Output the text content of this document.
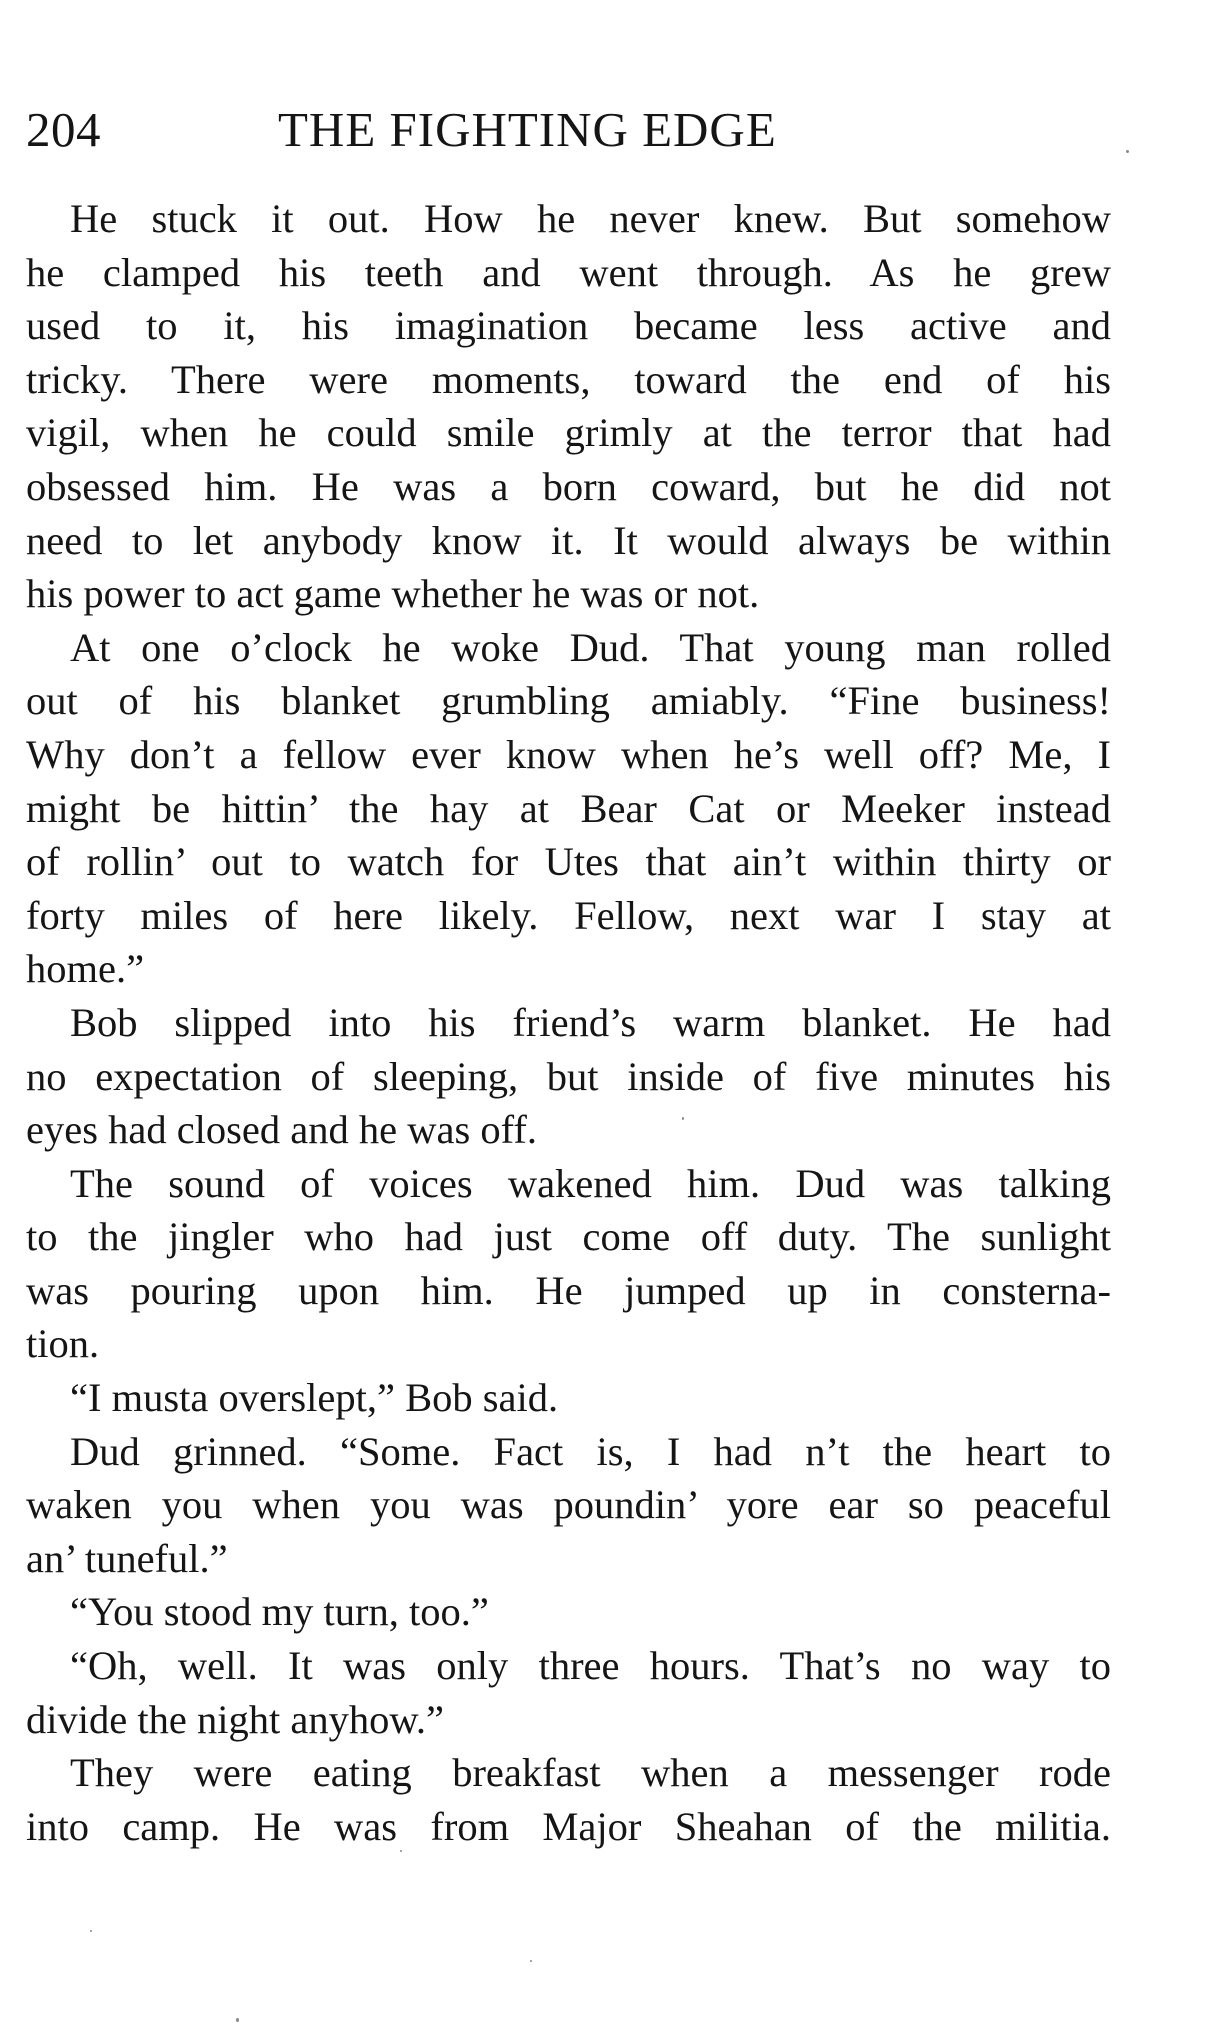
204	THE FIGHTING EDGE

He stuck it out. How he never knew. But somehow
he clamped his teeth and went through. As he grew
used to it, his imagination became less active and
tricky. There were moments, toward the end of his
vigil, when he could smile grimly at the terror that had
obsessed him. He was a born coward, but he did not
need to let anybody know it. It would always be within
his power to act game whether he was or not.

At one o’clock he woke Dud. That young man rolled
out of his blanket grumbling amiably. “Fine business!
Why don’t a fellow ever know when he’s well off? Me, I
might be hittin’ the hay at Bear Cat or Meeker instead
of rollin’ out to watch for Utes that ain’t within thirty or
forty miles of here likely. Fellow, next war I stay at
home.”

Bob slipped into his friend’s warm blanket. He had
no expectation of sleeping, but inside of five minutes his
eyes had closed and he was off.

The sound of voices wakened him. Dud was talking
to the jingler who had just come off duty. The sunlight
was pouring upon him. He jumped up in consterna-
tion.

“I musta overslept,” Bob said.

Dud grinned. “Some. Fact is, I had n’t the heart to
waken you when you was poundin’ yore ear so peaceful
an’ tuneful.”

“You stood my turn, too.”

“Oh, well. It was only three hours. That’s no way to
divide the night anyhow.”

They were eating breakfast when a messenger rode
into camp. He was from Major Sheahan of the militia.
